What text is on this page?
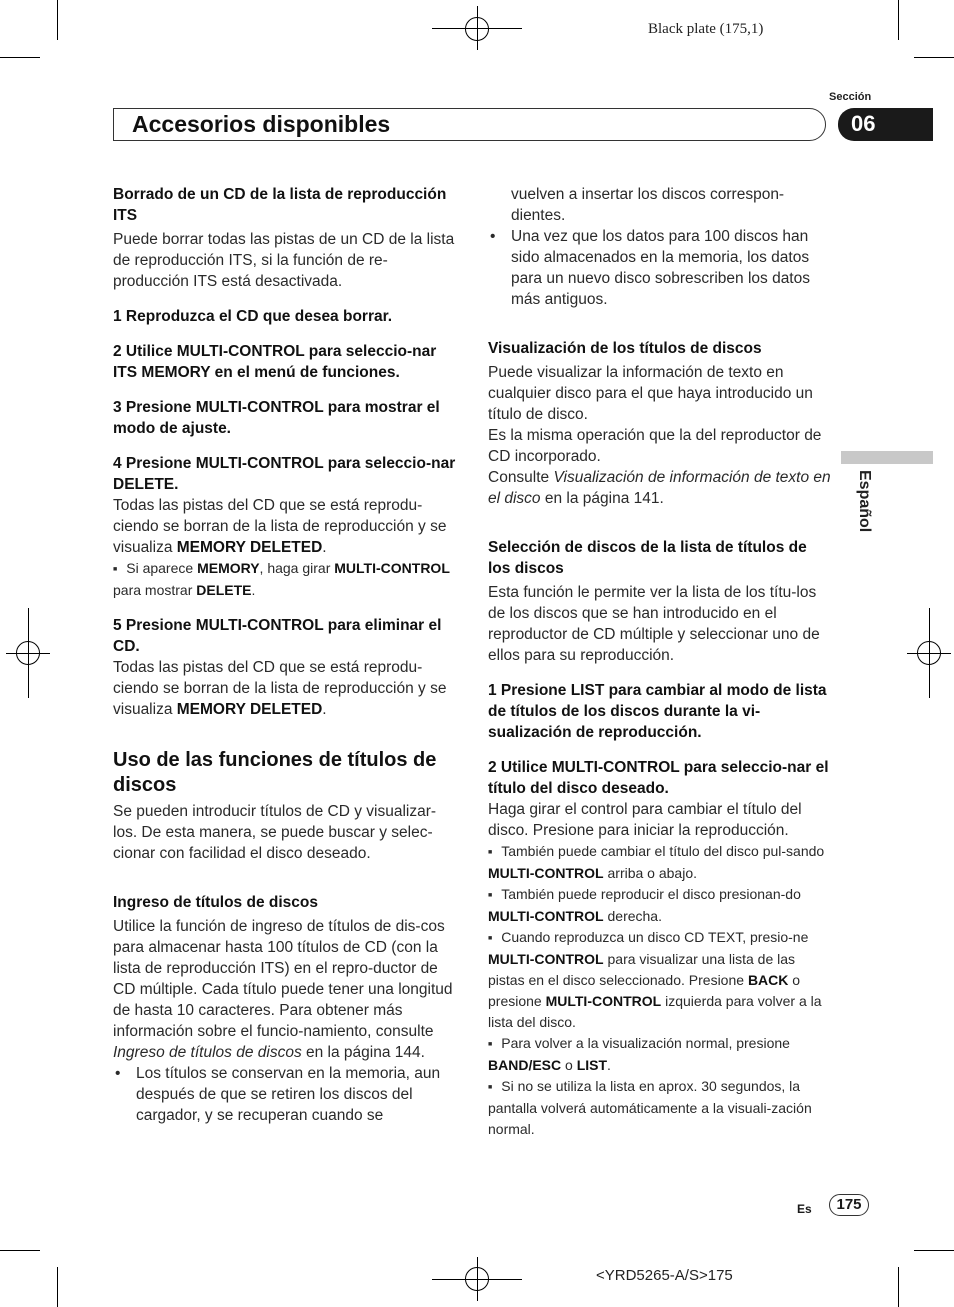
Black plate (175,1)
Sección
Accesorios disponibles	06
Español

Borrado de un CD de la lista de reproducción ITS

Puede borrar todas las pistas de un CD de la lista de reproducción ITS, si la función de re-producción ITS está desactivada.

1 Reproduzca el CD que desea borrar.

2 Utilice MULTI-CONTROL para seleccio-nar ITS MEMORY en el menú de funciones.

3 Presione MULTI-CONTROL para mostrar el modo de ajuste.

4 Presione MULTI-CONTROL para seleccio-nar DELETE.

Todas las pistas del CD que se está reprodu-ciendo se borran de la lista de reproducción y se visualiza MEMORY DELETED.

■ Si aparece MEMORY, haga girar MULTI-CONTROL para mostrar DELETE.

5 Presione MULTI-CONTROL para eliminar el CD.

Todas las pistas del CD que se está reprodu-ciendo se borran de la lista de reproducción y se visualiza MEMORY DELETED.

Uso de las funciones de títulos de discos

Se pueden introducir títulos de CD y visualizar-los. De esta manera, se puede buscar y selec-cionar con facilidad el disco deseado.

Ingreso de títulos de discos

Utilice la función de ingreso de títulos de dis-cos para almacenar hasta 100 títulos de CD (con la lista de reproducción ITS) en el repro-ductor de CD múltiple. Cada título puede tener una longitud de hasta 10 caracteres. Para obtener más información sobre el funcio-namiento, consulte Ingreso de títulos de discos en la página 144.

• Los títulos se conservan en la memoria, aun después de que se retiren los discos del cargador, y se recuperan cuando se

vuelven a insertar los discos correspon-dientes.

• Una vez que los datos para 100 discos han sido almacenados en la memoria, los datos para un nuevo disco sobrescriben los datos más antiguos.

Visualización de los títulos de discos

Puede visualizar la información de texto en cualquier disco para el que haya introducido un título de disco.

Es la misma operación que la del reproductor de CD incorporado.

Consulte Visualización de información de texto en el disco en la página 141.

Selección de discos de la lista de títulos de los discos

Esta función le permite ver la lista de los títu-los de los discos que se han introducido en el reproductor de CD múltiple y seleccionar uno de ellos para su reproducción.

1 Presione LIST para cambiar al modo de lista de títulos de los discos durante la vi-sualización de reproducción.

2 Utilice MULTI-CONTROL para seleccio-nar el título del disco deseado.

Haga girar el control para cambiar el título del disco. Presione para iniciar la reproducción.

■ También puede cambiar el título del disco pul-sando MULTI-CONTROL arriba o abajo.

■ También puede reproducir el disco presionan-do MULTI-CONTROL derecha.

■ Cuando reproduzca un disco CD TEXT, presio-ne MULTI-CONTROL para visualizar una lista de las pistas en el disco seleccionado. Presione BACK o presione MULTI-CONTROL izquierda para volver a la lista del disco.

■ Para volver a la visualización normal, presione BAND/ESC o LIST.

■ Si no se utiliza la lista en aprox. 30 segundos, la pantalla volverá automáticamente a la visuali-zación normal.

Es	175
<YRD5265-A/S>175
